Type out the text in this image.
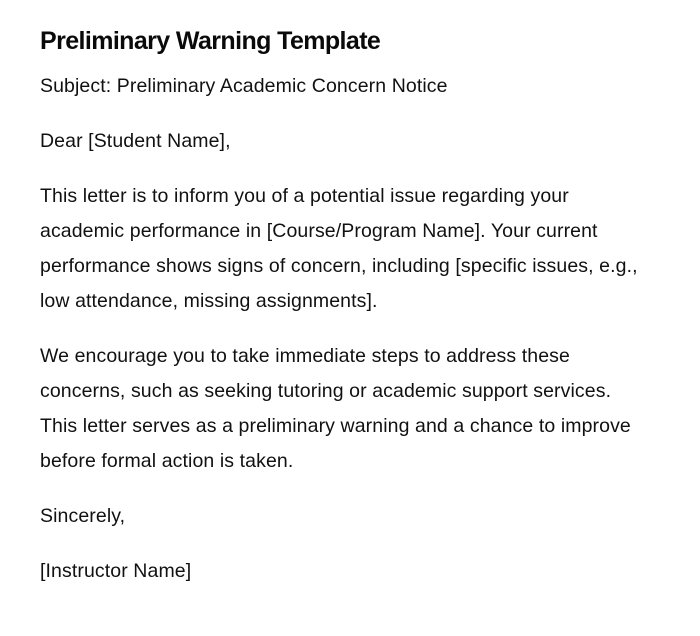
Preliminary Warning Template

Subject: Preliminary Academic Concern Notice

Dear [Student Name],

This letter is to inform you of a potential issue regarding your academic performance in [Course/Program Name]. Your current performance shows signs of concern, including [specific issues, e.g., low attendance, missing assignments].

We encourage you to take immediate steps to address these concerns, such as seeking tutoring or academic support services. This letter serves as a preliminary warning and a chance to improve before formal action is taken.

Sincerely,

[Instructor Name]
